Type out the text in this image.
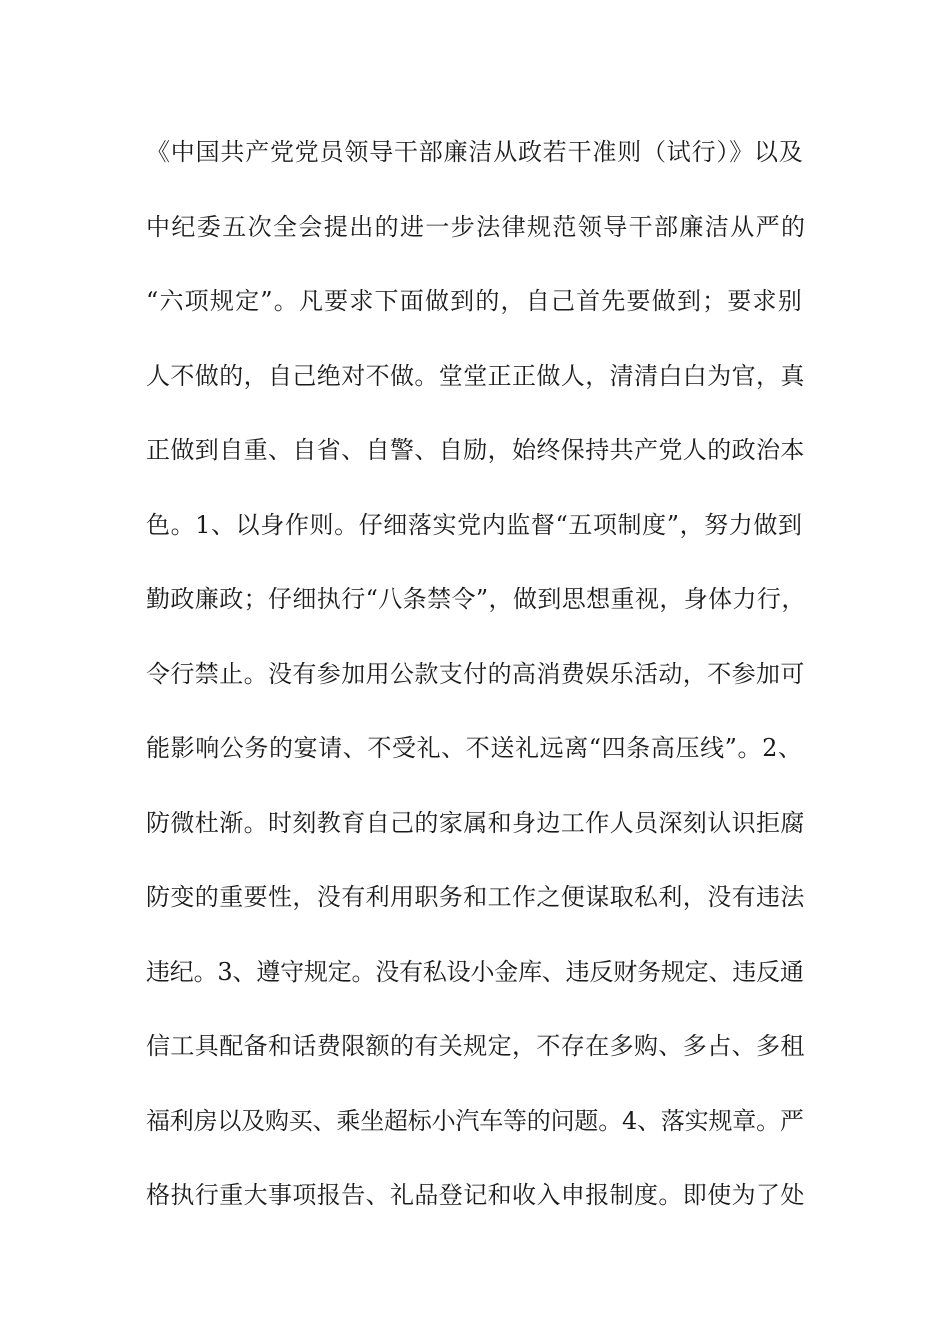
《中国共产党党员领导干部廉洁从政若干准则（试行）》以及

中纪委五次全会提出的进一步法律规范领导干部廉洁从严的

“六项规定”。凡要求下面做到的，自己首先要做到；要求别

人不做的，自己绝对不做。堂堂正正做人，清清白白为官，真

正做到自重、自省、自警、自励，始终保持共产党人的政治本

色。1、以身作则。仔细落实党内监督“五项制度”，努力做到

勤政廉政；仔细执行“八条禁令”，做到思想重视，身体力行，

令行禁止。没有参加用公款支付的高消费娱乐活动，不参加可

能影响公务的宴请、不受礼、不送礼远离“四条高压线”。2、

防微杜渐。时刻教育自己的家属和身边工作人员深刻认识拒腐

防变的重要性，没有利用职务和工作之便谋取私利，没有违法

违纪。3、遵守规定。没有私设小金库、违反财务规定、违反通

信工具配备和话费限额的有关规定，不存在多购、多占、多租

福利房以及购买、乘坐超标小汽车等的问题。4、落实规章。严

格执行重大事项报告、礼品登记和收入申报制度。即使为了处
